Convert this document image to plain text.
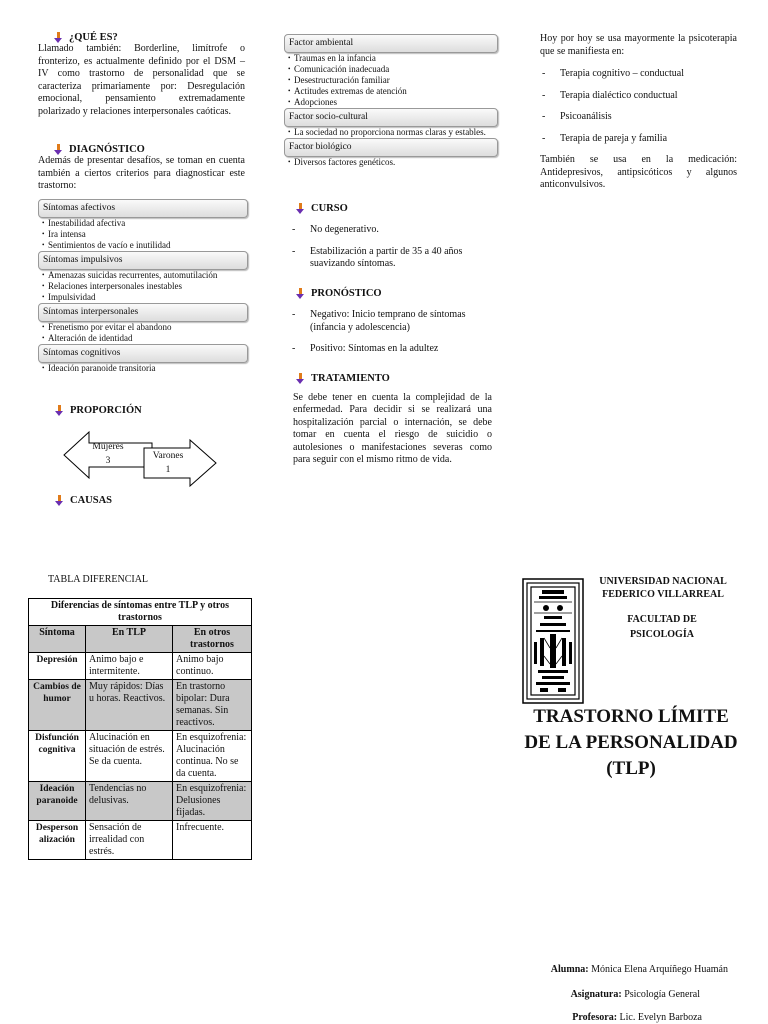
¿QUÉ ES?
Llamado también: Borderline, limítrofe o fronterizo, es actualmente definido por el DSM – IV como trastorno de personalidad que se caracteriza primariamente por: Desregulación emocional, pensamiento extremadamente polarizado y relaciones interpersonales caóticas.
DIAGNÓSTICO
Además de presentar desafíos, se toman en cuenta también a ciertos criterios para diagnosticar este trastorno:
Síntomas afectivos
• Inestabilidad afectiva
• Ira intensa
• Sentimientos de vacío e inutilidad
Síntomas impulsivos
• Amenazas suicidas recurrentes, automutilación
• Relaciones interpersonales inestables
• Impulsividad
Síntomas interpersonales
• Frenetismo por evitar el abandono
• Alteración de identidad
Síntomas cognitivos
• Ideación paranoide transitoria
PROPORCIÓN
Mujeres
3	Varones
1
CAUSAS
Factor ambiental
• Traumas en la infancia
• Comunicación inadecuada
• Desestructuración familiar
• Actitudes extremas de atención
• Adopciones
Factor socio-cultural
• La sociedad no proporciona normas claras y estables.
Factor biológico
• Diversos factores genéticos.
CURSO
- No degenerativo.
- Estabilización a partir de 35 a 40 años suavizando síntomas.
PRONÓSTICO
- Negativo: Inicio temprano de síntomas (infancia y adolescencia)
- Positivo: Síntomas en la adultez
TRATAMIENTO
Se debe tener en cuenta la complejidad de la enfermedad. Para decidir si se realizará una hospitalización parcial o internación, se debe tomar en cuenta el riesgo de suicidio o autolesiones o manifestaciones severas como para seguir con el mismo ritmo de vida.
Hoy por hoy se usa mayormente la psicoterapia que se manifiesta en:
- Terapia cognitivo – conductual
- Terapia dialéctico conductual
- Psicoanálisis
- Terapia de pareja y familia
También se usa en la medicación: Antidepresivos, antipsicóticos y algunos anticonvulsivos.
TABLA DIFERENCIAL
Diferencias de síntomas entre TLP y otros trastornos		
Síntoma	En TLP	En otros trastornos
Depresión	Animo bajo e intermitente.	Animo bajo continuo.
Cambios de humor	Muy rápidos: Días u horas. Reactivos.	En trastorno bipolar: Dura semanas. Sin reactivos.
Disfunción cognitiva	Alucinación en situación de estrés. Se da cuenta.	En esquizofrenia: Alucinación continua. No se da cuenta.
Ideación paranoide	Tendencias no delusivas.	En esquizofrenia: Delusiones fijadas.
Desperson alización	Sensación de irrealidad con estrés.	Infrecuente.
UNIVERSIDAD NACIONAL FEDERICO VILLARREAL
FACULTAD DE PSICOLOGÍA
TRASTORNO LÍMITE DE LA PERSONALIDAD (TLP)
Alumna: Mónica Elena Arquíñego Huamán
Asignatura: Psicología General
Profesora: Lic. Evelyn Barboza
